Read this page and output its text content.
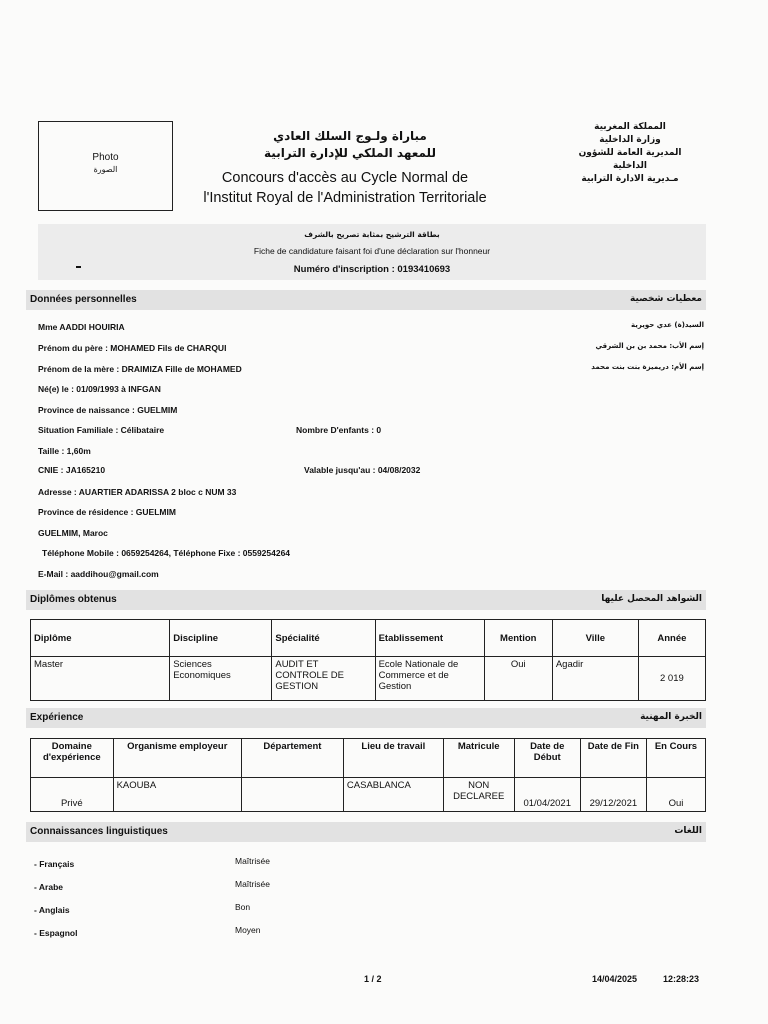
Photo
الصورة
المملكة المغربية
وزارة الداخلية
المديرية العامة للشؤون الداخلية
مـديرية الادارة الترابية
مباراة ولـوج السلك العادي
للمعهد الملكي للإدارة الترابية
Concours d'accès au Cycle Normal de
l'Institut Royal de l'Administration Territoriale
بطاقة الترشيح بمثابة تصريح بالشرف
Fiche de candidature faisant foi d'une déclaration sur l'honneur
Numéro d'inscription : 0193410693
Données personnelles	معطيات شخصية
Mme AADDI HOUIRIA	السيد(ة) عدي حويرية
Prénom du père : MOHAMED Fils de CHARQUI	إسم الأب: محمد بن بن الشرقي
Prénom de la mère : DRAIMIZA Fille de MOHAMED	إسم الأم: دريميزة بنت بنت محمد
Né(e) le : 01/09/1993 à INFGAN
Province de naissance : GUELMIM
Situation Familiale : Célibataire	Nombre D'enfants : 0
Taille : 1,60m
CNIE : JA165210	Valable jusqu'au : 04/08/2032
Adresse : AUARTIER ADARISSA 2 bloc c NUM 33
Province de résidence : GUELMIM
GUELMIM, Maroc
Téléphone Mobile : 0659254264, Téléphone Fixe : 0559254264
E-Mail : aaddihou@gmail.com
Diplômes obtenus	الشواهد المحصل عليها
Diplôme	Discipline	Spécialité	Etablissement	Mention	Ville	Année
Master	Sciences Economiques	AUDIT ET CONTROLE DE GESTION	Ecole Nationale de Commerce et de Gestion	Oui	Agadir	2 019
Expérience	الخبرة المهنية
Domaine d'expérience	Organisme employeur	Département	Lieu de travail	Matricule	Date de Début	Date de Fin	En Cours
Privé	KAOUBA		CASABLANCA	NON DECLAREE	01/04/2021	29/12/2021	Oui
Connaissances linguistiques	اللغات
- Français	Maîtrisée
- Arabe	Maîtrisée
- Anglais	Bon
- Espagnol	Moyen
1 / 2	14/04/2025	12:28:23
